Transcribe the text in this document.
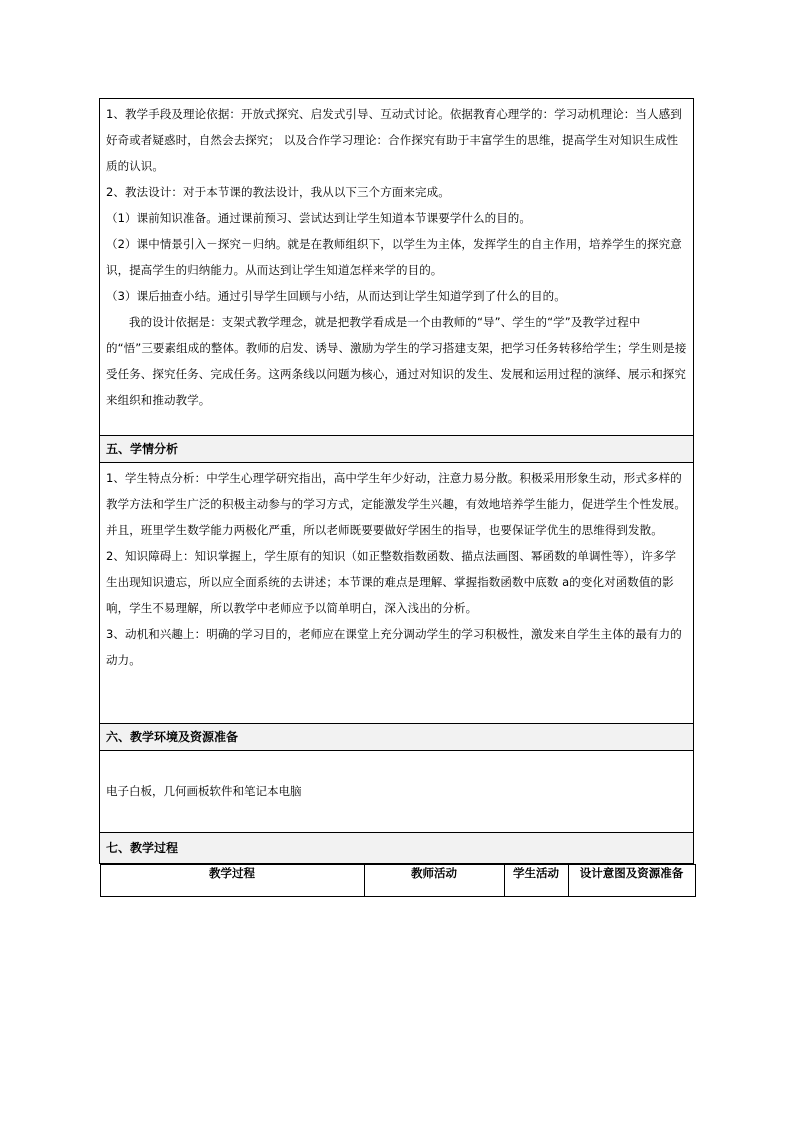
1、教学手段及理论依据：开放式探究、启发式引导、互动式讨论。依据教育心理学的：学习动机理论：当人感到好奇或者疑惑时，自然会去探究； 以及合作学习理论：合作探究有助于丰富学生的思维，提高学生对知识生成性质的认识。

2、教法设计：对于本节课的教法设计，我从以下三个方面来完成。

（1）课前知识准备。通过课前预习、尝试达到让学生知道本节课要学什么的目的。

（2）课中情景引入－探究－归纳。就是在教师组织下，以学生为主体，发挥学生的自主作用，培养学生的探究意识，提高学生的归纳能力。从而达到让学生知道怎样来学的目的。

（3）课后抽查小结。通过引导学生回顾与小结，从而达到让学生知道学到了什么的目的。

我的设计依据是：支架式教学理念，就是把教学看成是一个由教师的“导”、学生的“学”及教学过程中的“悟”三要素组成的整体。教师的启发、诱导、激励为学生的学习搭建支架，把学习任务转移给学生；学生则是接受任务、探究任务、完成任务。这两条线以问题为核心，通过对知识的发生、发展和运用过程的演绎、展示和探究来组织和推动教学。

五、学情分析

1、学生特点分析：中学生心理学研究指出，高中学生年少好动，注意力易分散。积极采用形象生动，形式多样的教学方法和学生广泛的积极主动参与的学习方式，定能激发学生兴趣，有效地培养学生能力，促进学生个性发展。并且，班里学生数学能力两极化严重，所以老师既要要做好学困生的指导，也要保证学优生的思维得到发散。

2、知识障碍上：知识掌握上，学生原有的知识（如正整数指数函数、描点法画图、幂函数的单调性等），许多学生出现知识遗忘，所以应全面系统的去讲述；本节课的难点是理解、掌握指数函数中底数 a的变化对函数值的影响，学生不易理解，所以教学中老师应予以简单明白，深入浅出的分析。

3、动机和兴趣上：明确的学习目的，老师应在课堂上充分调动学生的学习积极性，激发来自学生主体的最有力的动力。

六、教学环境及资源准备

电子白板，几何画板软件和笔记本电脑

七、教学过程

教学过程	教师活动	学生活动	设计意图及资源准备
